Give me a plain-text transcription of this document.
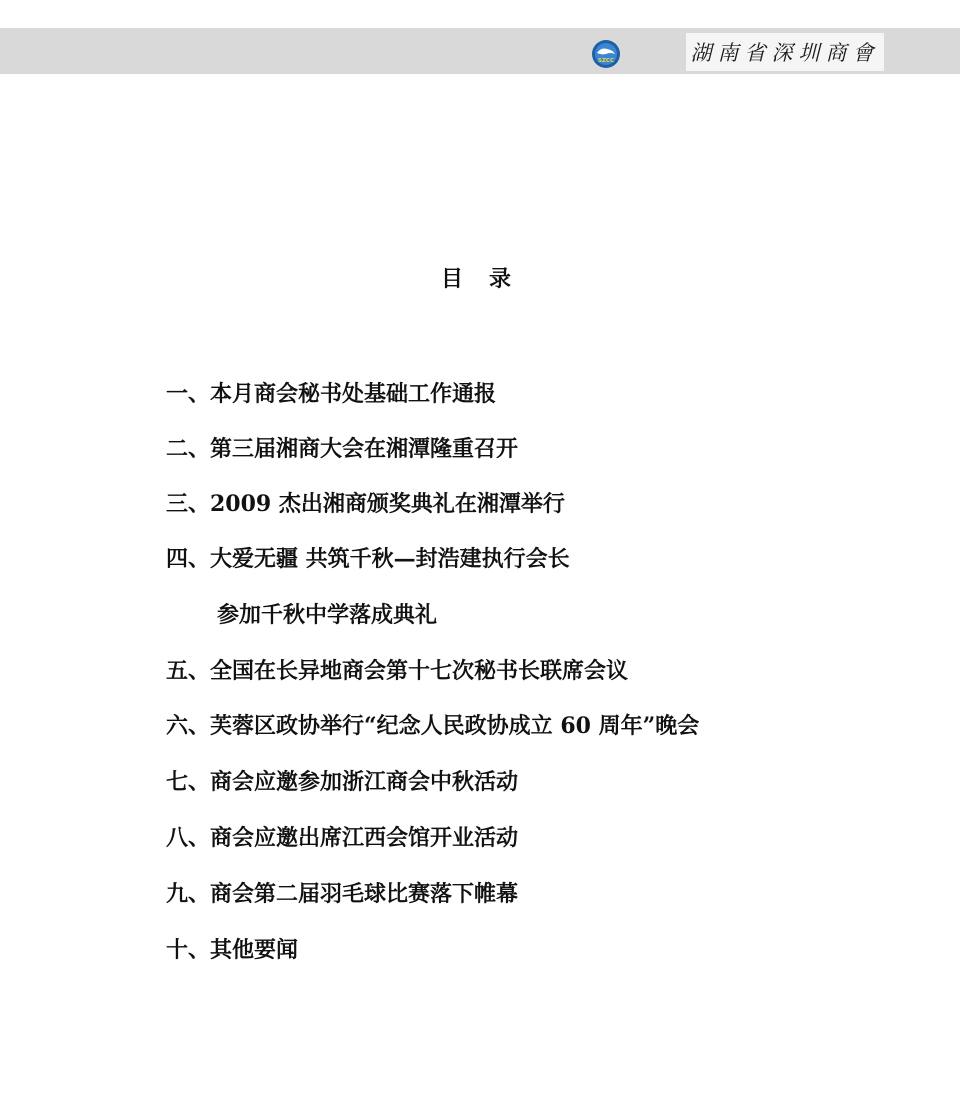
SZCC	湖南省深圳商會
目录
一、本月商会秘书处基础工作通报
二、第三届湘商大会在湘潭隆重召开
三、2009 杰出湘商颁奖典礼在湘潭举行
四、大爱无疆 共筑千秋—封浩建执行会长
参加千秋中学落成典礼
五、全国在长异地商会第十七次秘书长联席会议
六、芙蓉区政协举行“纪念人民政协成立 60 周年”晚会
七、商会应邀参加浙江商会中秋活动
八、商会应邀出席江西会馆开业活动
九、商会第二届羽毛球比赛落下帷幕
十、其他要闻
